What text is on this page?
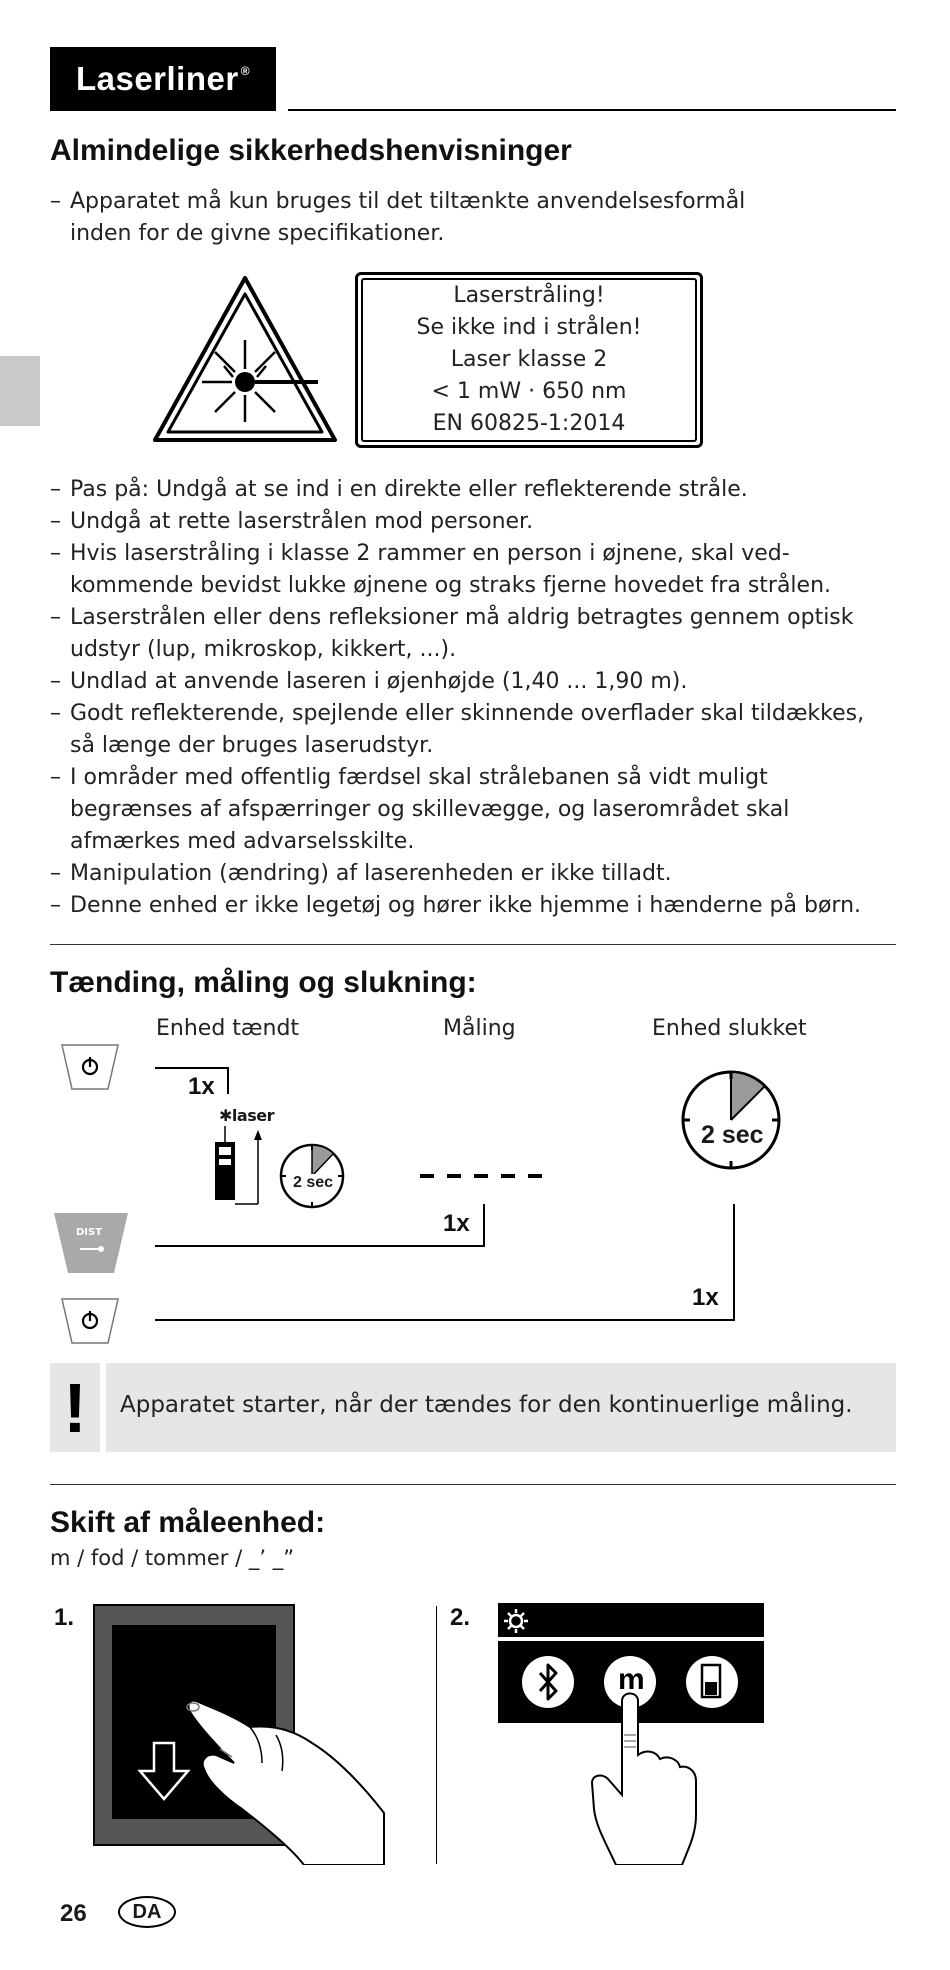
Laserliner®
Almindelige sikkerhedshenvisninger
– Apparatet må kun bruges til det tiltænkte anvendelsesformål
inden for de givne specifikationer.
Laserstråling!
Se ikke ind i strålen!
Laser klasse 2
< 1 mW · 650 nm
EN 60825-1:2014
– Pas på: Undgå at se ind i en direkte eller reflekterende stråle.
– Undgå at rette laserstrålen mod personer.
– Hvis laserstråling i klasse 2 rammer en person i øjnene, skal ved-
kommende bevidst lukke øjnene og straks fjerne hovedet fra strålen.
– Laserstrålen eller dens refleksioner må aldrig betragtes gennem optisk
udstyr (lup, mikroskop, kikkert, ...).
– Undlad at anvende laseren i øjenhøjde (1,40 ... 1,90 m).
– Godt reflekterende, spejlende eller skinnende overflader skal tildækkes,
så længe der bruges laserudstyr.
– I områder med offentlig færdsel skal strålebanen så vidt muligt
begrænses af afspærringer og skillevægge, og laserområdet skal
afmærkes med advarselsskilte.
– Manipulation (ændring) af laserenheden er ikke tilladt.
– Denne enhed er ikke legetøj og hører ikke hjemme i hænderne på børn.
Tænding, måling og slukning:
Enhed tændt	Måling	Enhed slukket
1x
✱laser
2 sec
DIST	1x
1x
2 sec
!	Apparatet starter, når der tændes for den kontinuerlige måling.
Skift af måleenhed:
m / fod / tommer / _’ _”
1.	2.
m
26	DA
